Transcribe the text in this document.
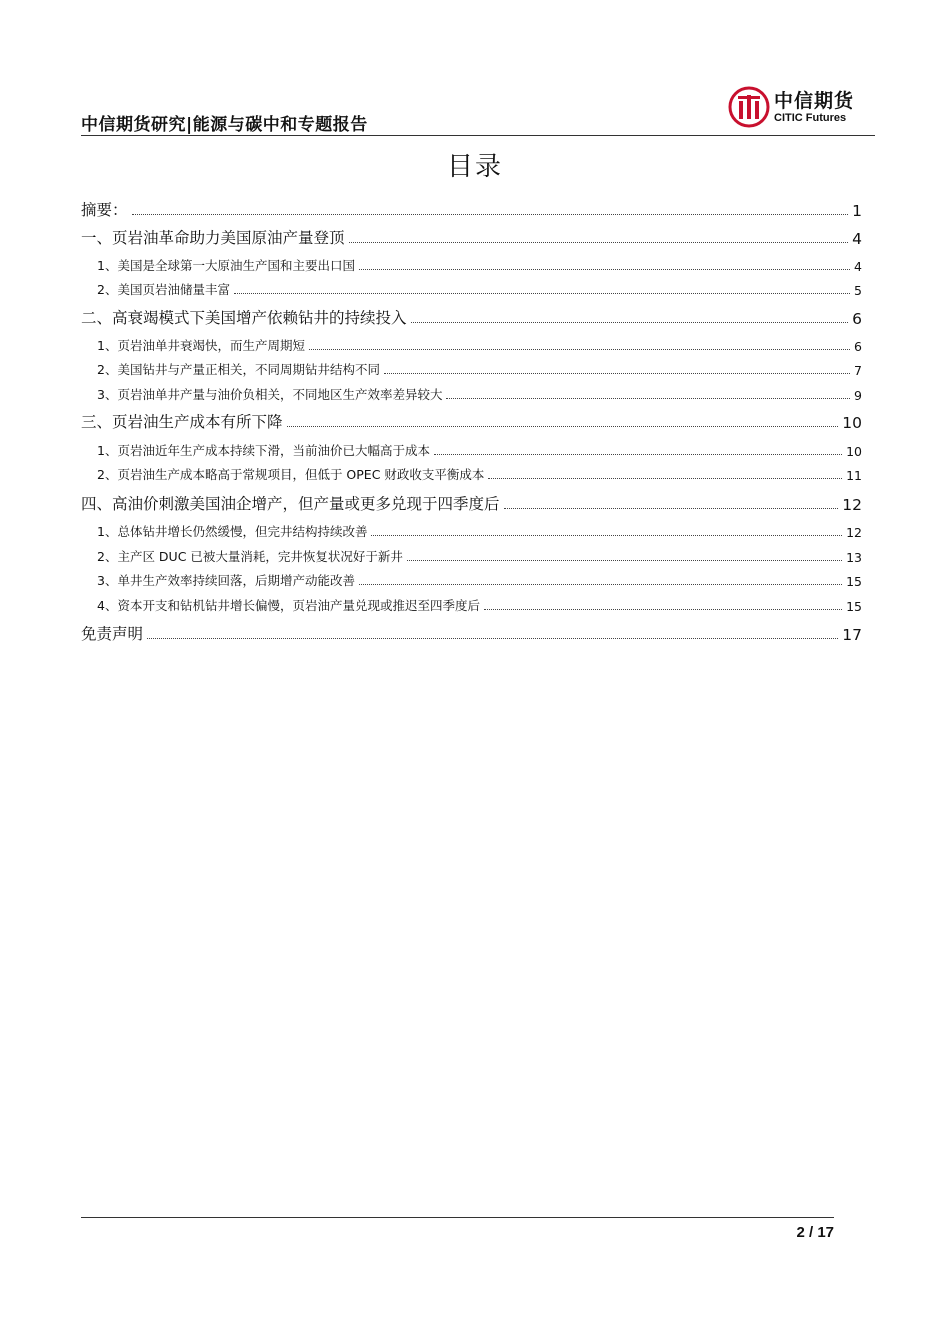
中信期货研究|能源与碳中和专题报告
中信期货
CITIC Futures
目录
摘要：	1
一、页岩油革命助力美国原油产量登顶	4
1、美国是全球第一大原油生产国和主要出口国	4
2、美国页岩油储量丰富	5
二、高衰竭模式下美国增产依赖钻井的持续投入	6
1、页岩油单井衰竭快，而生产周期短	6
2、美国钻井与产量正相关，不同周期钻井结构不同	7
3、页岩油单井产量与油价负相关，不同地区生产效率差异较大	9
三、页岩油生产成本有所下降	10
1、页岩油近年生产成本持续下滑，当前油价已大幅高于成本	10
2、页岩油生产成本略高于常规项目，但低于 OPEC 财政收支平衡成本	11
四、高油价刺激美国油企增产，但产量或更多兑现于四季度后	12
1、总体钻井增长仍然缓慢，但完井结构持续改善	12
2、主产区 DUC 已被大量消耗，完井恢复状况好于新井	13
3、单井生产效率持续回落，后期增产动能改善	15
4、资本开支和钻机钻井增长偏慢，页岩油产量兑现或推迟至四季度后	15
免责声明	17
2 / 17
